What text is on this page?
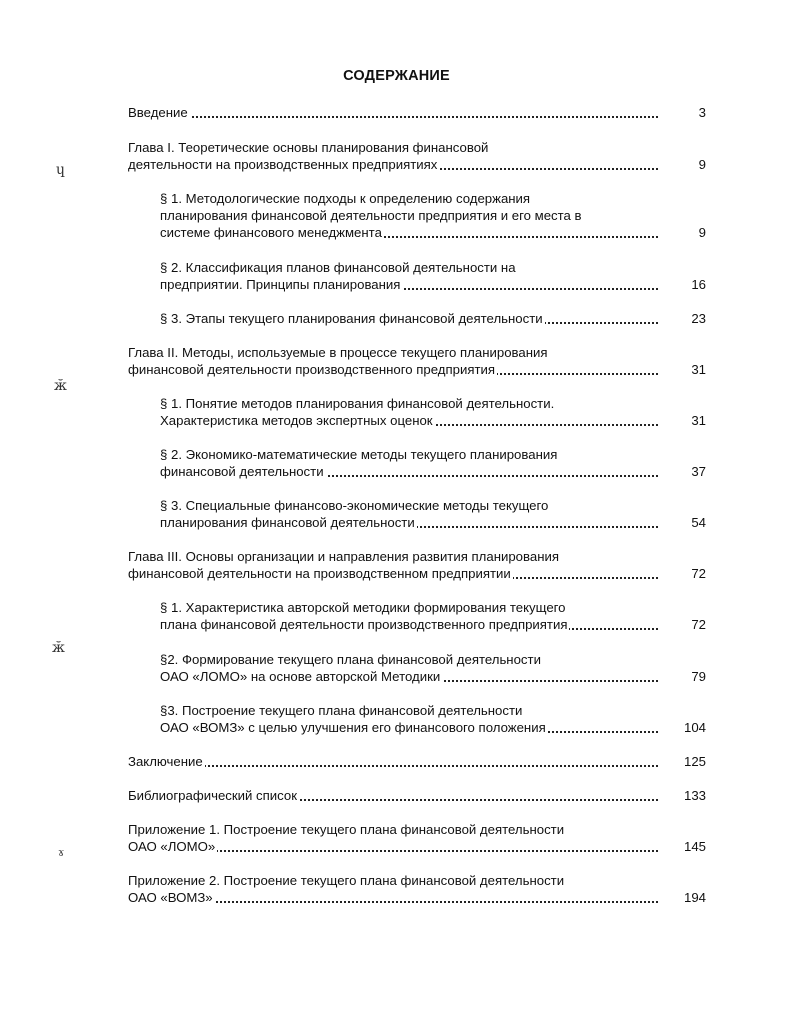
СОДЕРЖАНИЕ
ɥ
ӂ
ӂ
ɤ
Введение	3
Глава I. Теоретические основы планирования финансовой
деятельности на производственных предприятиях	9
§ 1. Методологические подходы к определению содержания
планирования финансовой деятельности предприятия и его места в
системе финансового менеджмента	9
§ 2. Классификация планов финансовой деятельности на
предприятии. Принципы планирования	16
§ 3. Этапы текущего планирования финансовой деятельности	23
Глава II. Методы, используемые в процессе текущего планирования
финансовой деятельности производственного предприятия	31
§ 1. Понятие методов планирования финансовой деятельности.
Характеристика методов экспертных оценок	31
§ 2. Экономико-математические методы текущего планирования
финансовой деятельности	37
§ 3. Специальные финансово-экономические методы текущего
планирования финансовой деятельности	54
Глава III. Основы организации и направления развития планирования
финансовой деятельности на производственном предприятии	72
§ 1. Характеристика авторской методики формирования текущего
плана финансовой деятельности производственного предприятия	72
§2. Формирование текущего плана финансовой деятельности
ОАО «ЛОМО» на основе авторской Методики	79
§3. Построение текущего плана финансовой деятельности
ОАО «ВОМЗ» с целью улучшения его финансового положения	104
Заключение	125
Библиографический список	133
Приложение 1. Построение текущего плана финансовой деятельности
ОАО «ЛОМО»	145
Приложение 2. Построение текущего плана финансовой деятельности
ОАО «ВОМЗ»	194
